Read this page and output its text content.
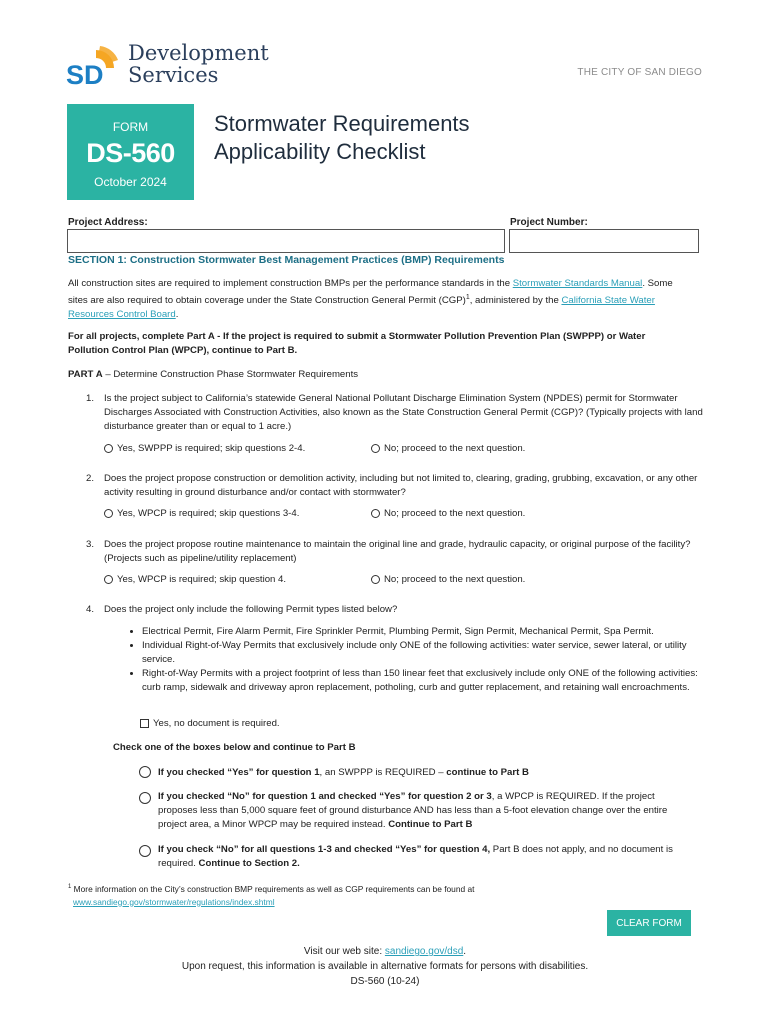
SD
Development
Services	THE CITY OF SAN DIEGO
FORM
DS-560
October 2024
Stormwater Requirements
Applicability Checklist
Project Address:	Project Number:
SECTION 1: Construction Stormwater Best Management Practices (BMP) Requirements
All construction sites are required to implement construction BMPs per the performance standards in the Stormwater Standards Manual. Some sites are also required to obtain coverage under the State Construction General Permit (CGP)$^1$, administered by the California State Water Resources Control Board.
For all projects, complete Part A - If the project is required to submit a Stormwater Pollution Prevention Plan (SWPPP) or Water Pollution Control Plan (WPCP), continue to Part B.
PART A – Determine Construction Phase Stormwater Requirements
1. Is the project subject to California’s statewide General National Pollutant Discharge Elimination System (NPDES) permit for Stormwater Discharges Associated with Construction Activities, also known as the State Construction General Permit (CGP)? (Typically projects with land disturbance greater than or equal to 1 acre.)
Yes, SWPPP is required; skip questions 2-4.	No; proceed to the next question.
2. Does the project propose construction or demolition activity, including but not limited to, clearing, grading, grubbing, excavation, or any other activity resulting in ground disturbance and/or contact with stormwater?
Yes, WPCP is required; skip questions 3-4.	No; proceed to the next question.
3. Does the project propose routine maintenance to maintain the original line and grade, hydraulic capacity, or original purpose of the facility? (Projects such as pipeline/utility replacement)
Yes, WPCP is required; skip question 4.	No; proceed to the next question.
4. Does the project only include the following Permit types listed below?
• Electrical Permit, Fire Alarm Permit, Fire Sprinkler Permit, Plumbing Permit, Sign Permit, Mechanical Permit, Spa Permit.
• Individual Right-of-Way Permits that exclusively include only ONE of the following activities: water service, sewer lateral, or utility service.
• Right-of-Way Permits with a project footprint of less than 150 linear feet that exclusively include only ONE of the following activities: curb ramp, sidewalk and driveway apron replacement, potholing, curb and gutter replacement, and retaining wall encroachments.
Yes, no document is required.
Check one of the boxes below and continue to Part B
If you checked “Yes” for question 1, an SWPPP is REQUIRED – continue to Part B
If you checked “No” for question 1 and checked “Yes” for question 2 or 3, a WPCP is REQUIRED. If the project proposes less than 5,000 square feet of ground disturbance AND has less than a 5-foot elevation change over the entire project area, a Minor WPCP may be required instead. Continue to Part B
If you check “No” for all questions 1-3 and checked “Yes” for question 4, Part B does not apply, and no document is required. Continue to Section 2.
$^1$ More information on the City’s construction BMP requirements as well as CGP requirements can be found at
www.sandiego.gov/stormwater/regulations/index.shtml
CLEAR FORM
Visit our web site: sandiego.gov/dsd.
Upon request, this information is available in alternative formats for persons with disabilities.
DS-560 (10-24)
